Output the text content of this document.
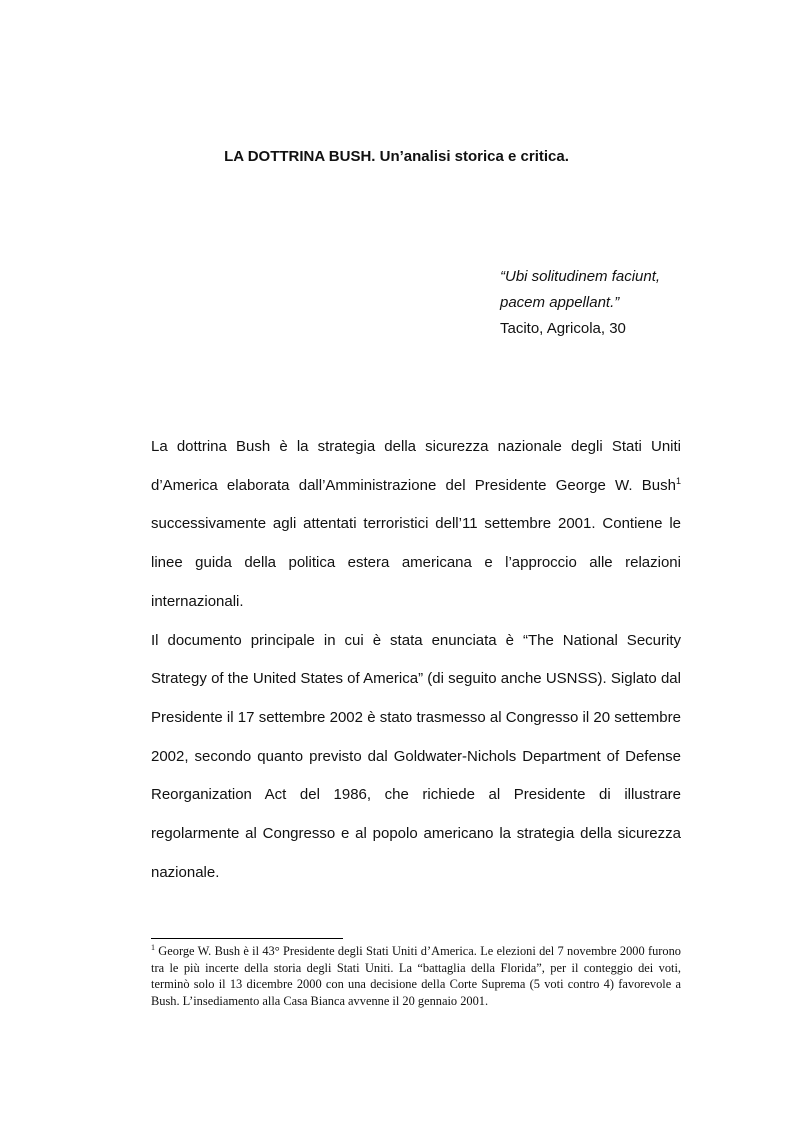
LA DOTTRINA BUSH. Un’analisi storica e critica.
“Ubi solitudinem faciunt,
pacem appellant.”
Tacito, Agricola, 30

La dottrina Bush è la strategia della sicurezza nazionale degli Stati Uniti d’America elaborata dall’Amministrazione del Presidente George W. Bush$^1$ successivamente agli attentati terroristici dell’11 settembre 2001. Contiene le linee guida della politica estera americana e l’approccio alle relazioni internazionali.

Il documento principale in cui è stata enunciata è “The National Security Strategy of the United States of America” (di seguito anche USNSS). Siglato dal Presidente il 17 settembre 2002 è stato trasmesso al Congresso il 20 settembre 2002, secondo quanto previsto dal Goldwater-Nichols Department of Defense Reorganization Act del 1986, che richiede al Presidente di illustrare regolarmente al Congresso e al popolo americano la strategia della sicurezza nazionale.

$^1$ George W. Bush è il 43° Presidente degli Stati Uniti d’America. Le elezioni del 7 novembre 2000 furono tra le più incerte della storia degli Stati Uniti. La “battaglia della Florida”, per il conteggio dei voti, terminò solo il 13 dicembre 2000 con una decisione della Corte Suprema (5 voti contro 4) favorevole a Bush. L’insediamento alla Casa Bianca avvenne il 20 gennaio 2001.
